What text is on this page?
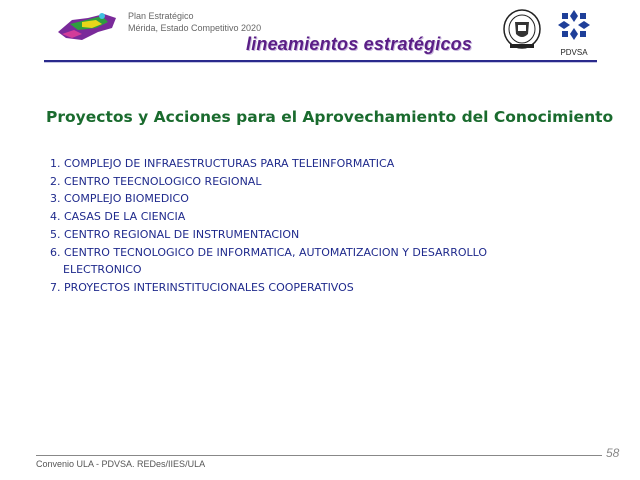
Plan Estratégico
Mérida, Estado Competitivo 2020
lineamientos estratégicos	PDVSA
Proyectos y Acciones para el Aprovechamiento del Conocimiento
1. COMPLEJO DE INFRAESTRUCTURAS PARA TELEINFORMATICA
2. CENTRO TEECNOLOGICO REGIONAL
3. COMPLEJO BIOMEDICO
4. CASAS DE LA CIENCIA
5. CENTRO REGIONAL DE INSTRUMENTACION
6. CENTRO TECNOLOGICO DE INFORMATICA, AUTOMATIZACION Y DESARROLLO ELECTRONICO
7. PROYECTOS INTERINSTITUCIONALES COOPERATIVOS
Convenio ULA - PDVSA. REDes/IIES/ULA
58
